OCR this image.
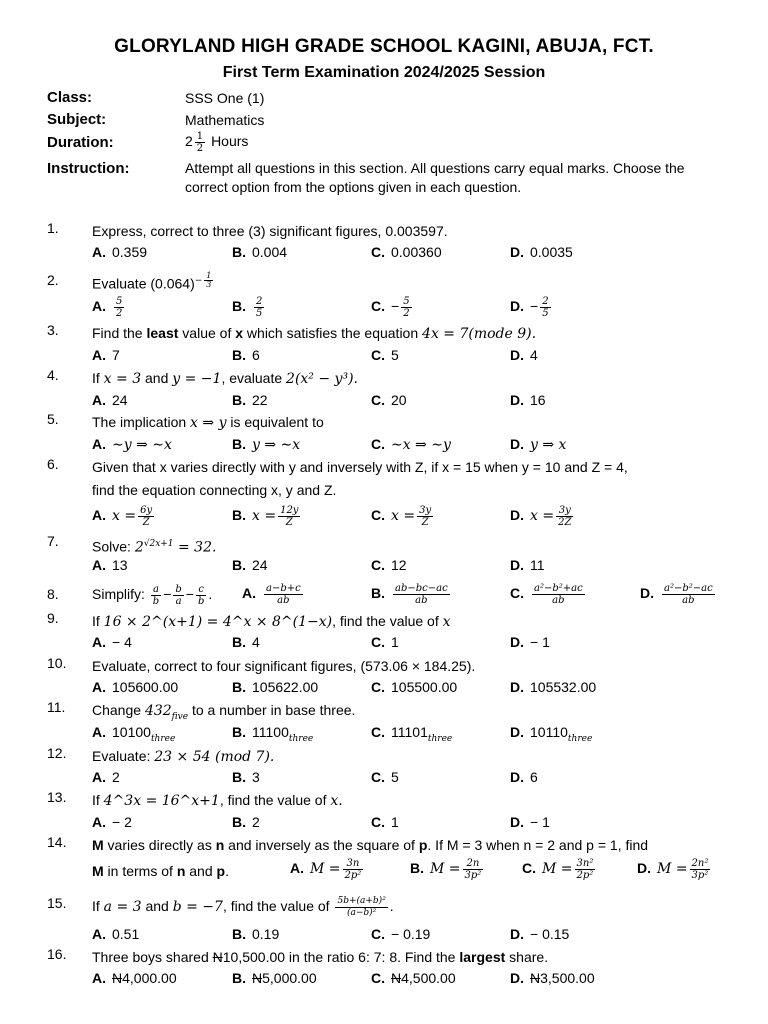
GLORYLAND HIGH GRADE SCHOOL KAGINI, ABUJA, FCT.
First Term Examination 2024/2025 Session
Class:	SSS One (1)
Subject:	Mathematics
Duration:	$2 \frac{1}{2}$ Hours
Instruction:	Attempt all questions in this section. All questions carry equal marks. Choose the correct option from the options given in each question.
1. Express, correct to three (3) significant figures, 0.003597.
A. 0.359	B. 0.004	C. 0.00360	D. 0.0035
2. Evaluate $(0.064)^{- \frac{1}{3}}$
A. $\frac{5}{2}$	B. $\frac{2}{5}$	C. − $\frac{5}{2}$	D. − $\frac{2}{5}$
3. Find the least value of x which satisfies the equation 4x = 7(mode 9).
A. 7	B. 6	C. 5	D. 4
4. If x = 3 and y = −1, evaluate 2(x² − y³).
A. 24	B. 22	C. 20	D. 16
5. The implication x ⇒ y is equivalent to
A. ∼y ⇒ ∼x	B. y ⇒ ∼x	C. ∼x ⇒ ∼y	D. y ⇒ x
6. Given that x varies directly with y and inversely with Z, if x = 15 when y = 10 and Z = 4,
find the equation connecting x, y and Z.
A. $x = \frac{6y}{Z}$	B. $x = \frac{12y}{Z}$	C. $x = \frac{3y}{Z}$	D. $x = \frac{3y}{2Z}$
7. Solve: $2^{√2x+1} = 32$.
A. 13	B. 24	C. 12	D. 11
8. Simplify: $\frac{a}{b} - \frac{b}{a} - \frac{c}{b}$ .	A. $\frac{a-b+c}{ab}$	B. $\frac{ab-bc-ac}{ab}$	C. $\frac{\text{a²−b²+ac}}{ab}$	D. $\frac{\text{a²−b²−ac}}{ab}$
9. If 16 × 2^(x+1) = 4^x × 8^(1−x), find the value of x
A. − 4	B. 4	C. 1	D. − 1
10. Evaluate, correct to four significant figures, (573.06 × 184.25).
A. 105600.00	B. 105622.00	C. 105500.00	D. 105532.00
11. Change $432_{five}$ to a number in base three.
A. $10100_{three}$	B. $11100_{three}$	C. $11101_{three}$	D. $10110_{three}$
12. Evaluate: 23 × 54 (mod 7).
A. 2	B. 3	C. 5	D. 6
13. If 4^3x = 16^x+1, find the value of x.
A. − 2	B. 2	C. 1	D. − 1
14. M varies directly as n and inversely as the square of p. If M = 3 when n = 2 and p = 1, find
M in terms of n and p.	A. $M = \frac{3n}{\text{2p²}}$	B. $M = \frac{2n}{\text{3p²}}$	C. $M = \frac{\text{3n²}}{\text{2p²}}$	D. $M = \frac{\text{2n²}}{\text{3p²}}$
15. If a = 3 and b = −7, find the value of $\frac{\text{5b+(a+b)²}}{\text{(a−b)²}}$ .
A. 0.51	B. 0.19	C. − 0.19	D. − 0.15
16. Three boys shared N10,500.00 in the ratio 6: 7: 8. Find the largest share.
A. N4,000.00	B. N5,000.00	C. N4,500.00	D. N3,500.00
